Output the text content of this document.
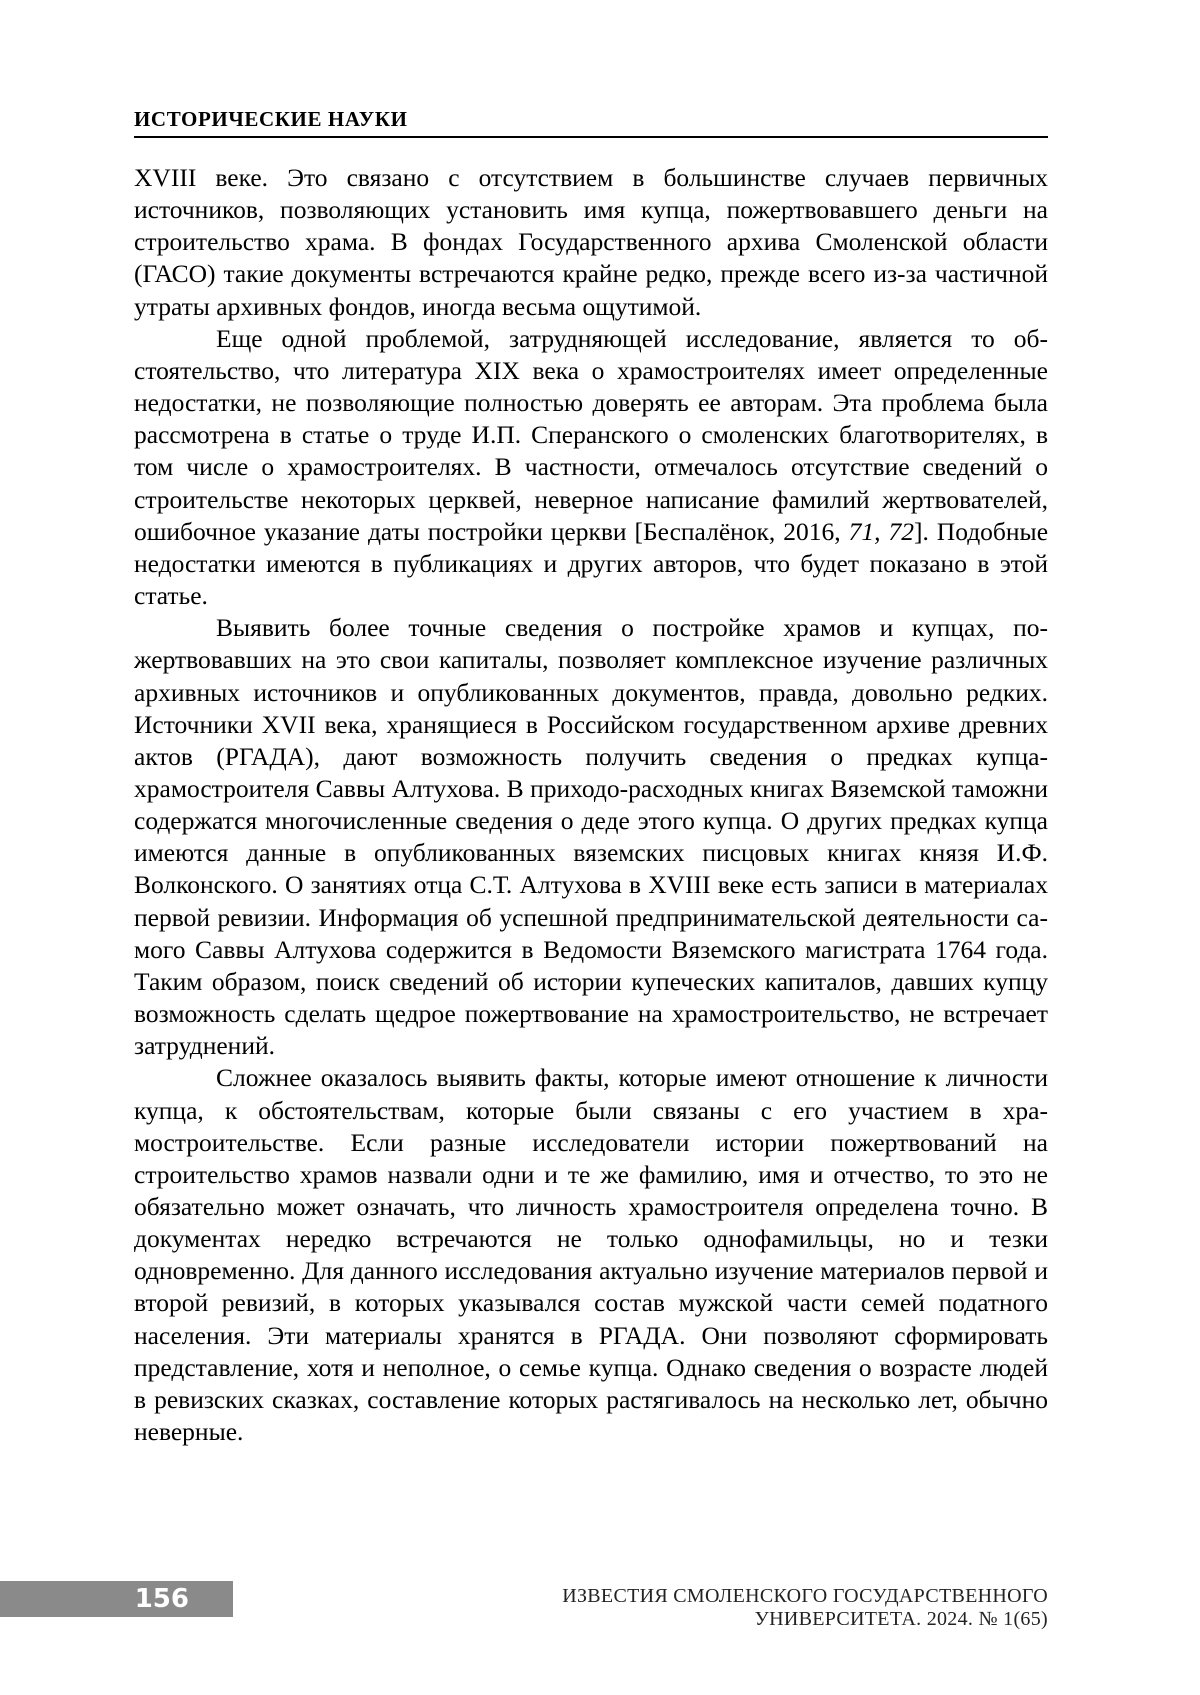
ИСТОРИЧЕСКИЕ НАУКИ

XVIII веке. Это связано с отсутствием в большинстве случаев первичных источников, позволяющих установить имя купца, пожертвовавшего деньги на строительство храма. В фондах Государственного архива Смоленской области (ГАСО) такие документы встречаются крайне редко, прежде всего из-за частичной утраты архивных фондов, иногда весьма ощутимой.

Еще одной проблемой, затрудняющей исследование, является то обстоятельство, что литература XIX века о храмостроителях имеет определенные недостатки, не позволяющие полностью доверять ее авторам. Эта проблема была рассмотрена в статье о труде И.П. Сперанского о смоленских благотворителях, в том числе о храмостроителях. В частности, отмечалось отсутствие сведений о строительстве некоторых церквей, неверное написание фамилий жертвователей, ошибочное указание даты постройки церкви [Беспалёнок, 2016, 71, 72]. Подобные недостатки имеются в публикациях и других авторов, что будет показано в этой статье.

Выявить более точные сведения о постройке храмов и купцах, пожертвовавших на это свои капиталы, позволяет комплексное изучение различных архивных источников и опубликованных документов, правда, довольно редких. Источники XVII века, хранящиеся в Российском государственном архиве древних актов (РГАДА), дают возможность получить сведения о предках купца-храмостроителя Саввы Алтухова. В приходо-расходных книгах Вяземской таможни содержатся многочисленные сведения о деде этого купца. О других предках купца имеются данные в опубликованных вяземских писцовых книгах князя И.Ф. Волконского. О занятиях отца С.Т. Алтухова в XVIII веке есть записи в материалах первой ревизии. Информация об успешной предпринимательской деятельности самого Саввы Алтухова содержится в Ведомости Вяземского магистрата 1764 года. Таким образом, поиск сведений об истории купеческих капиталов, давших купцу возможность сделать щедрое пожертвование на храмостроительство, не встречает затруднений.

Сложнее оказалось выявить факты, которые имеют отношение к личности купца, к обстоятельствам, которые были связаны с его участием в храмостроительстве. Если разные исследователи истории пожертвований на строительство храмов назвали одни и те же фамилию, имя и отчество, то это не обязательно может означать, что личность храмостроителя определена точно. В документах нередко встречаются не только однофамильцы, но и тезки одновременно. Для данного исследования актуально изучение материалов первой и второй ревизий, в которых указывался состав мужской части семей податного населения. Эти материалы хранятся в РГАДА. Они позволяют сформировать представление, хотя и неполное, о семье купца. Однако сведения о возрасте людей в ревизских сказках, составление которых растягивалось на несколько лет, обычно неверные.

156	ИЗВЕСТИЯ СМОЛЕНСКОГО ГОСУДАРСТВЕННОГО УНИВЕРСИТЕТА. 2024. № 1(65)
